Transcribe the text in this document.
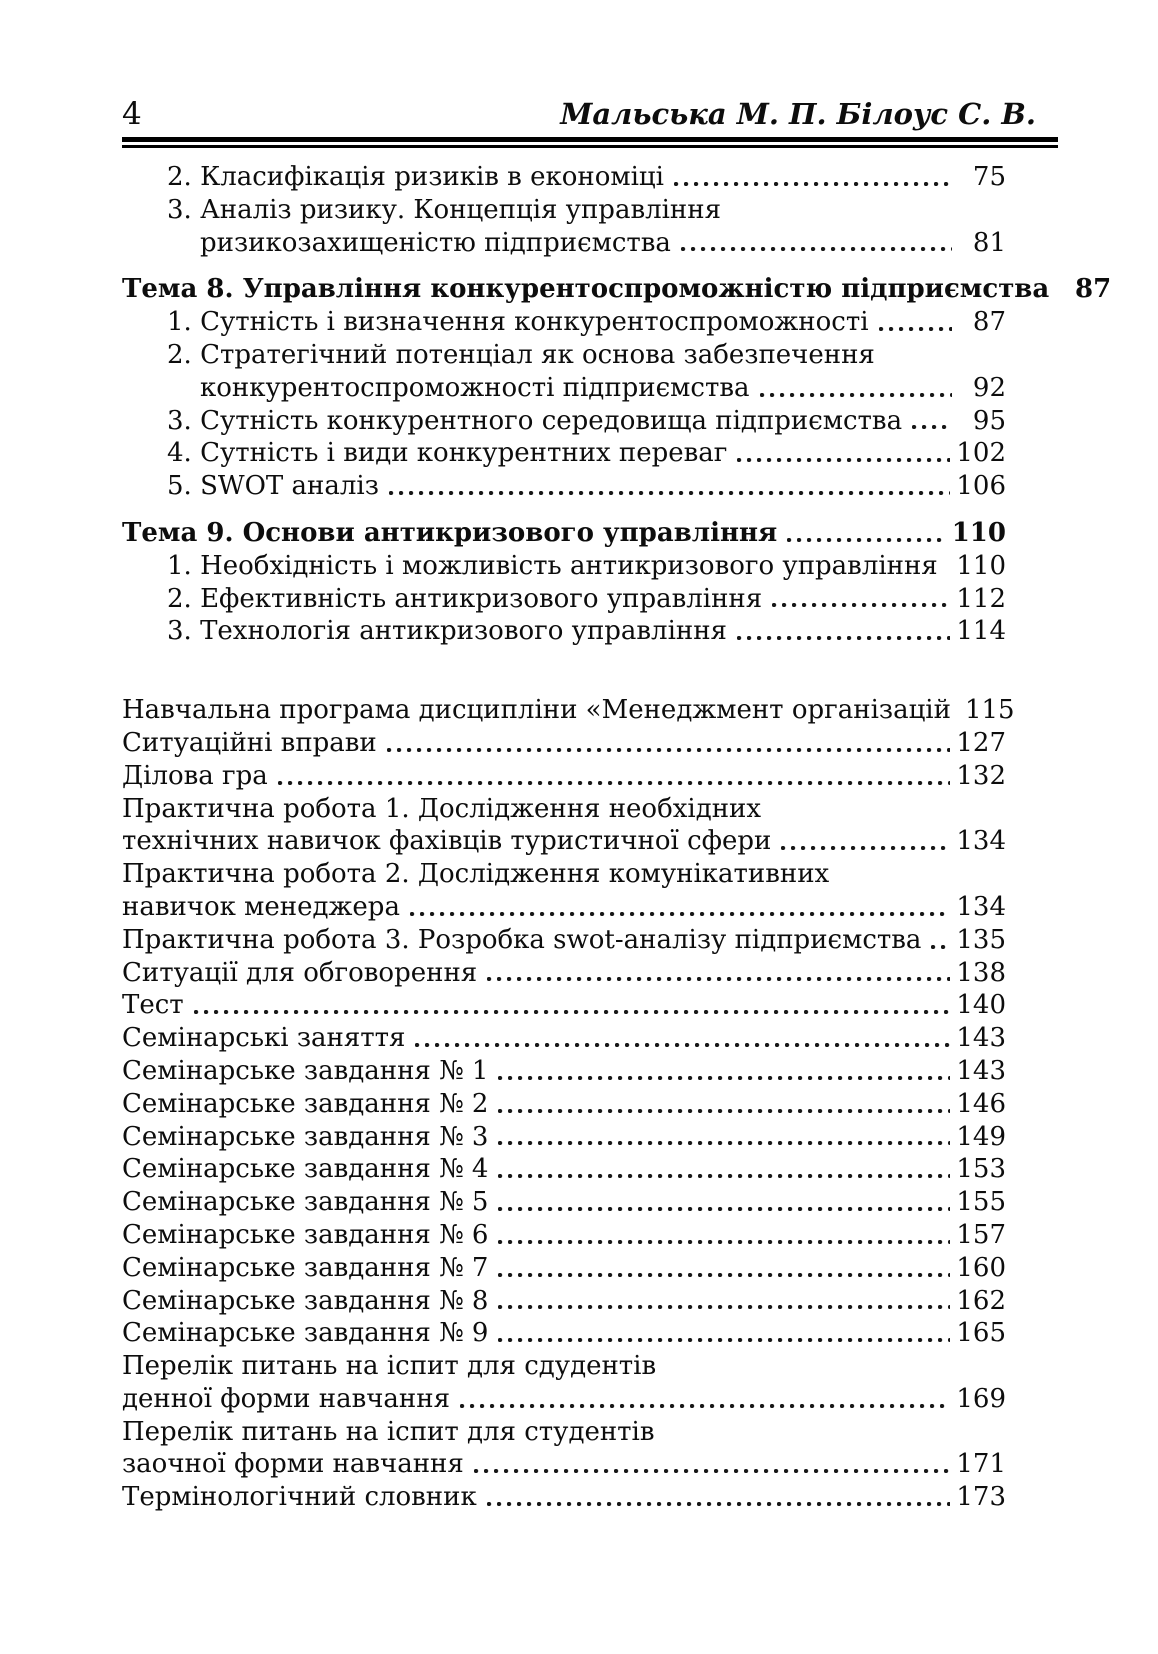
4	Мальська М. П. Білоус С. В.
2. Класифікація ризиків в економіці	75
3. Аналіз ризику. Концепція управління
ризикозахищеністю підприємства	81
Тема 8. Управління конкурентоспроможністю підприємства 87
1. Сутність і визначення конкурентоспроможності	87
2. Стратегічний потенціал як основа забезпечення
конкурентоспроможності підприємства	92
3. Сутність конкурентного середовища підприємства	95
4. Сутність і види конкурентних переваг	102
5. SWOT аналіз	106
Тема 9. Основи антикризового управління	110
1. Необхідність і можливість антикризового управління 110
2. Ефективність антикризового управління	112
3. Технологія антикризового управління	114
Навчальна програма дисципліни «Менеджмент організацій 115
Ситуаційні вправи	127
Ділова гра	132
Практична робота 1. Дослідження необхідних
технічних навичок фахівців туристичної сфери	134
Практична робота 2. Дослідження комунікативних
навичок менеджера	134
Практична робота 3. Розробка swot-аналізу підприємства 135
Ситуації для обговорення	138
Тест	140
Семінарські заняття	143
Семінарське завдання № 1	143
Семінарське завдання № 2	146
Семінарське завдання № 3	149
Семінарське завдання № 4	153
Семінарське завдання № 5	155
Семінарське завдання № 6	157
Семінарське завдання № 7	160
Семінарське завдання № 8	162
Семінарське завдання № 9	165
Перелік питань на іспит для сдудентів
денної форми навчання	169
Перелік питань на іспит для студентів
заочної форми навчання	171
Термінологічний словник	173
